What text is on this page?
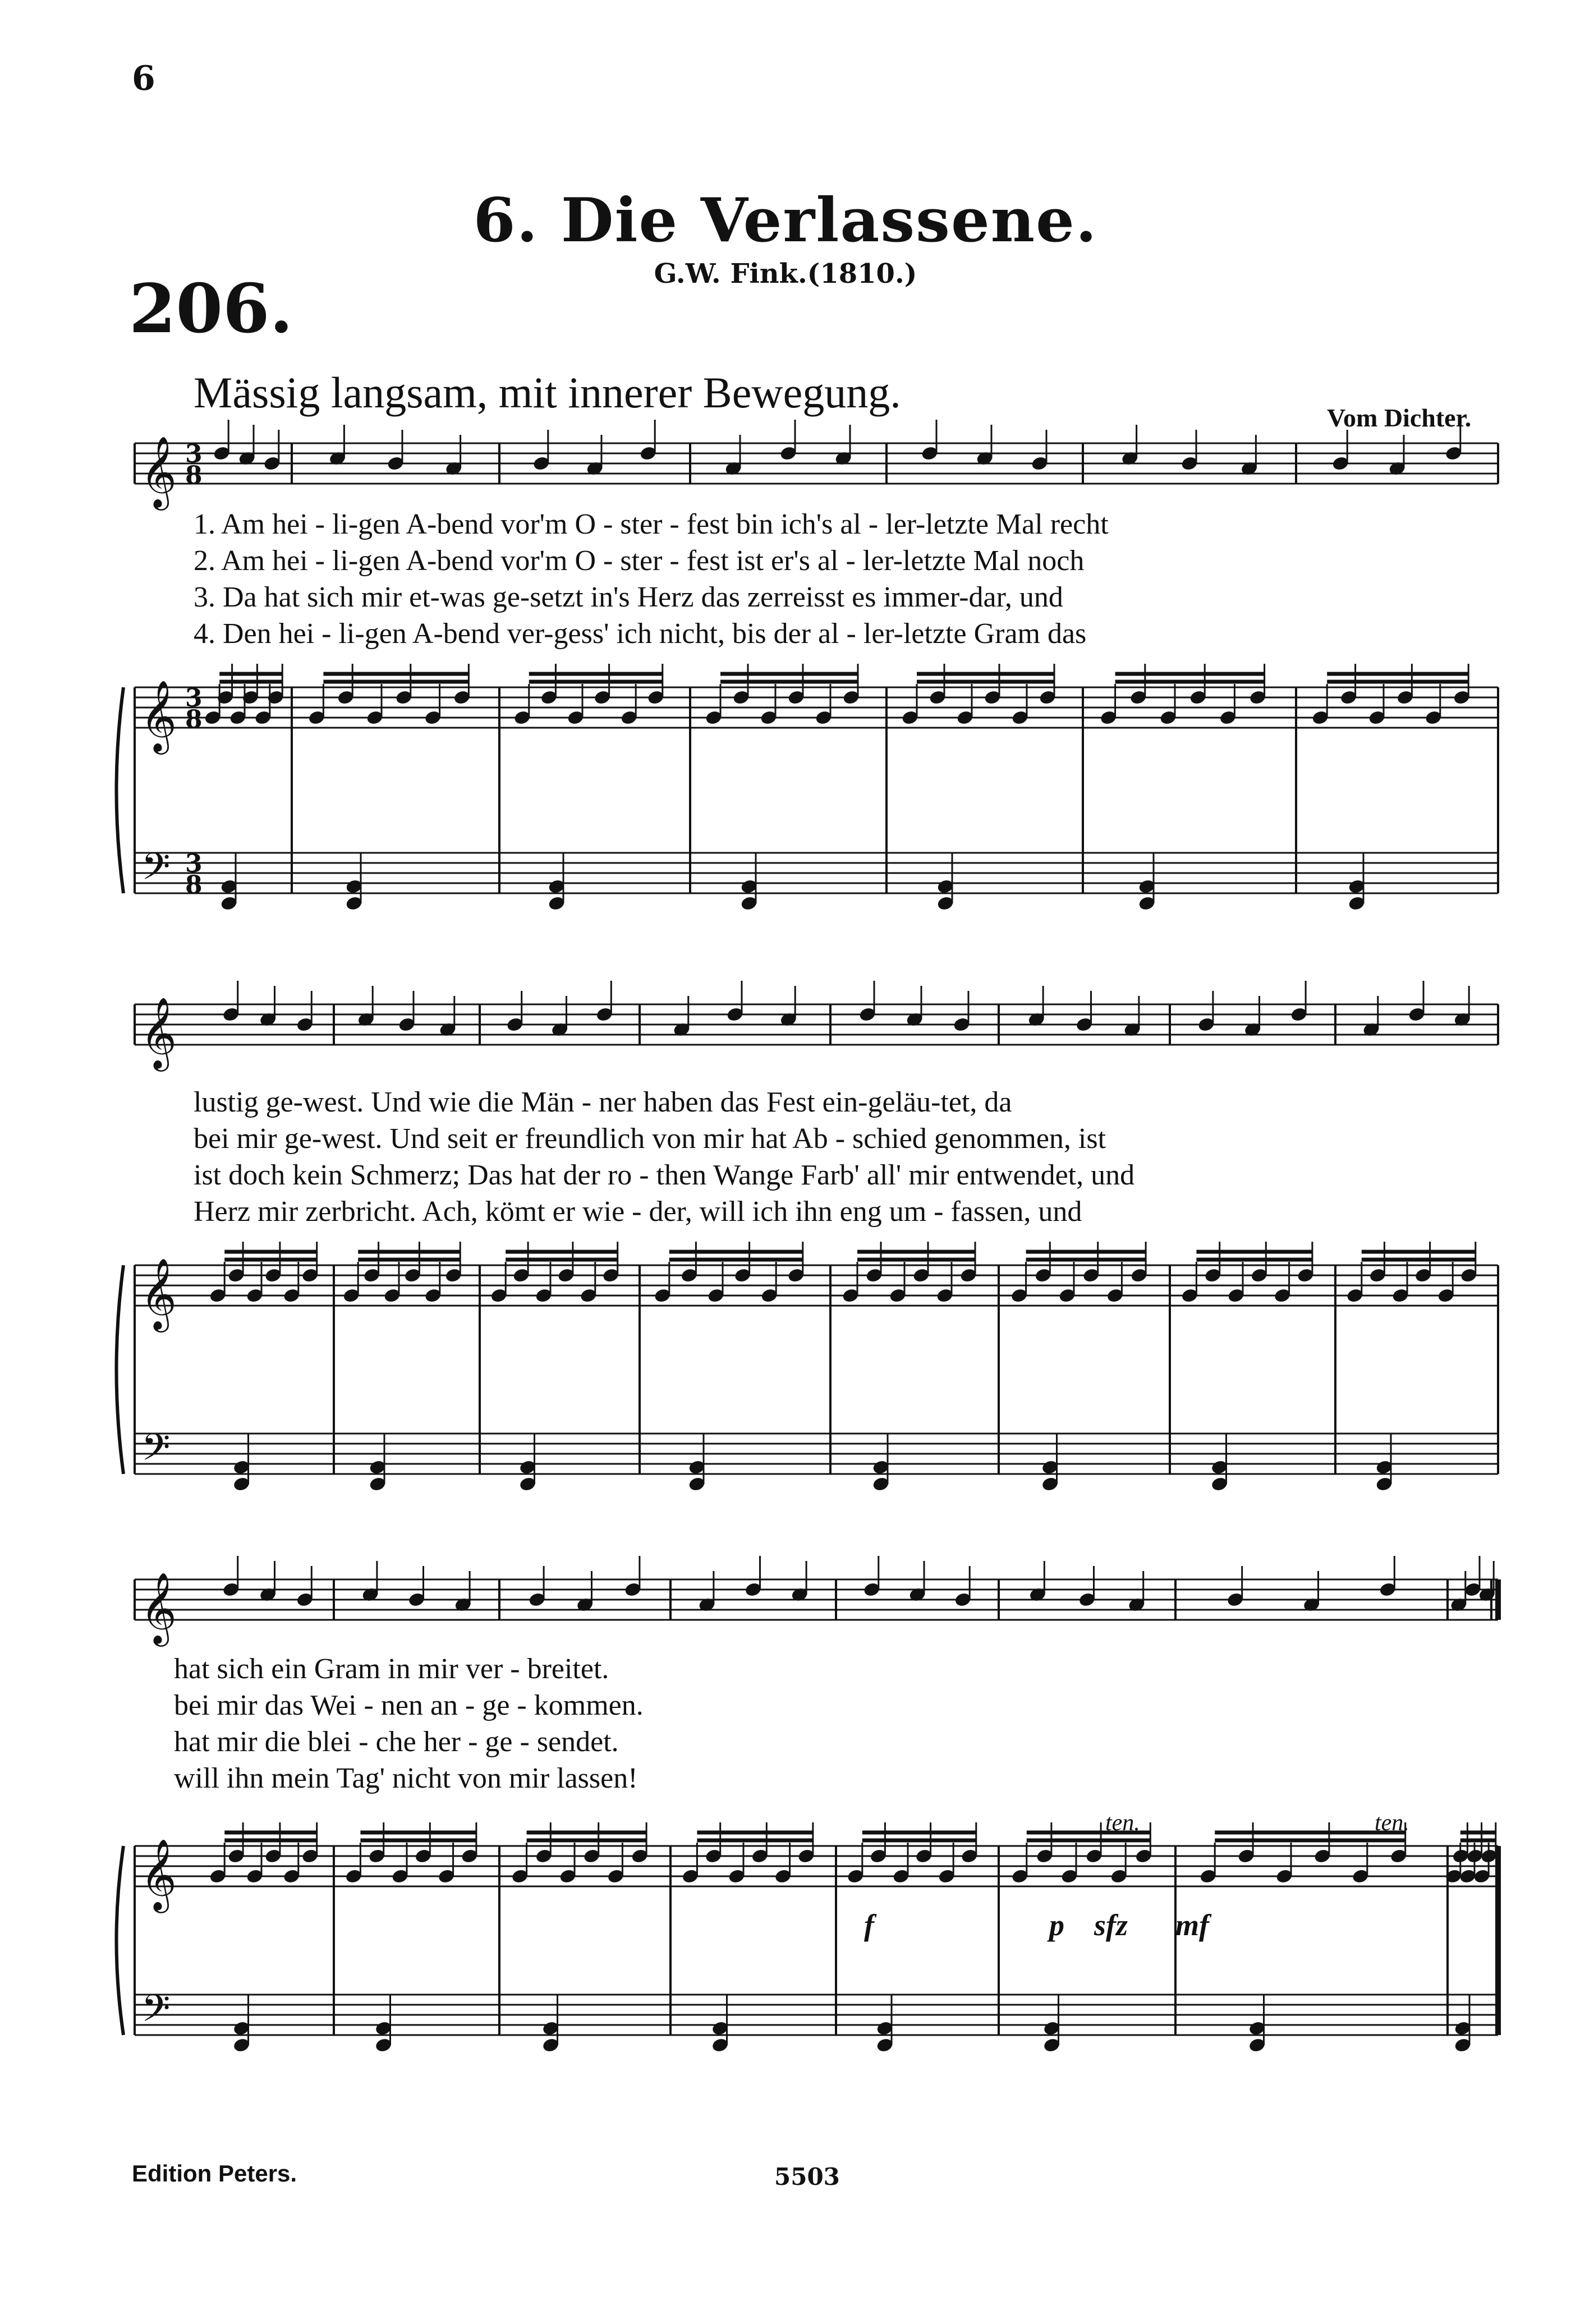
6
6. Die Verlassene.
G.W. Fink.(1810.)
206.
Mässig langsam, mit innerer Bewegung.
Vom Dichter.
𝄞
𝄞
𝄢
𝄞
𝄞
𝄢
𝄞
𝄞
𝄢
3
8
3
8
3
8
1. Am hei - li-gen A-bend vor'm O - ster - fest bin ich's al - ler-letzte Mal recht
2. Am hei - li-gen A-bend vor'm O - ster - fest ist er's al - ler-letzte Mal noch
3. Da hat sich mir et-was ge-setzt in's Herz das zerreisst es immer-dar, und
4. Den hei - li-gen A-bend ver-gess' ich nicht, bis der al - ler-letzte Gram das
lustig ge-west. Und wie die Män - ner haben das Fest ein-geläu-tet, da
bei mir ge-west. Und seit er freundlich von mir hat Ab - schied genommen, ist
ist doch kein Schmerz; Das hat der ro - then Wange Farb' all' mir entwendet, und
Herz mir zerbricht. Ach, kömt er wie - der, will ich ihn eng um - fassen, und
hat sich ein Gram in mir ver - breitet.
bei mir das Wei - nen an - ge - kommen.
hat mir die blei - che her - ge - sendet.
will ihn mein Tag' nicht von mir lassen!
f	p sfz mf
ten.	ten.
Edition Peters.	5503
